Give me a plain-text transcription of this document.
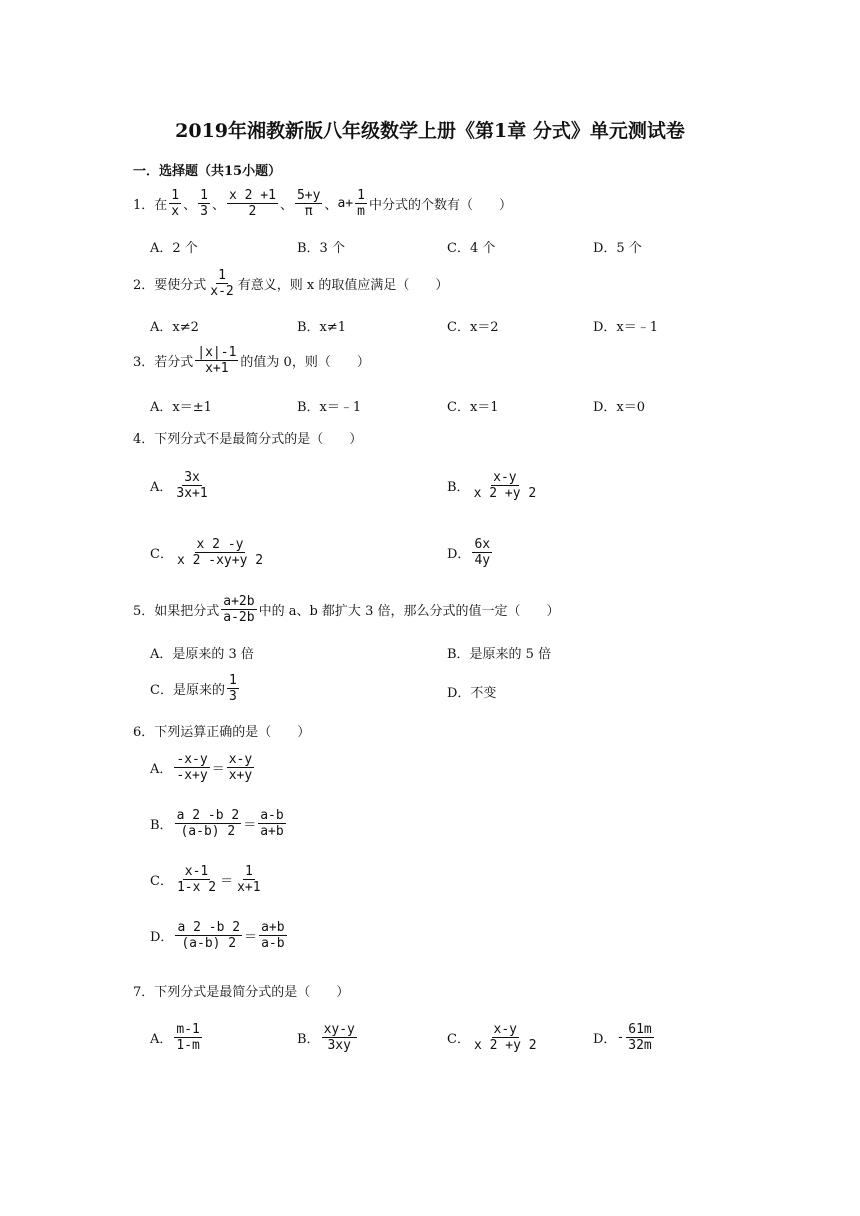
2019年湘教新版八年级数学上册《第1章 分式》单元测试卷
一．选择题（共15小题）
1．在 $\frac{1}{x}$ 、 $\frac{1}{3}$ 、 $\frac{x 2 +1}{2}$ 、 $\frac{5+y}{\pi}$ 、 $a+ \frac{1}{m}$ 中分式的个数有（　　）
A．2 个	B．3 个	C．4 个	D．5 个
2．要使分式 $\frac{1}{x-2}$ 有意义，则 x 的取值应满足（　　）
A．x≠2	B．x≠1	C．x＝2	D．x＝﹣1
3．若分式 $\frac{|x|-1}{x+1}$ 的值为 0，则（　　）
A．x＝±1	B．x＝﹣1	C．x＝1	D．x＝0
4．下列分式不是最简分式的是（　　）
A． $\frac{3x}{3x+1}$	B． $\frac{x-y}{x 2 +y 2}$
C． $\frac{x 2 -y}{x 2 -xy+y 2}$	D． $\frac{6x}{4y}$
5．如果把分式 $\frac{a+2b}{a-2b}$ 中的 a、b 都扩大 3 倍，那么分式的值一定（　　）
A．是原来的 3 倍	B．是原来的 5 倍
C．是原来的 $\frac{1}{3}$	D．不变
6．下列运算正确的是（　　）
A． $\frac{-x-y}{-x+y} = \frac{x-y}{x+y}$
B． $\frac{a 2 -b 2}{(a-b) 2} = \frac{a-b}{a+b}$
C． $\frac{x-1}{1-x 2} = \frac{1}{x+1}$
D． $\frac{a 2 -b 2}{(a-b) 2} = \frac{a+b}{a-b}$
7．下列分式是最简分式的是（　　）
A． $\frac{m-1}{1-m}$	B． $\frac{xy-y}{3xy}$	C． $\frac{x-y}{x 2 +y 2}$	D． - $\frac{61m}{32m}$
